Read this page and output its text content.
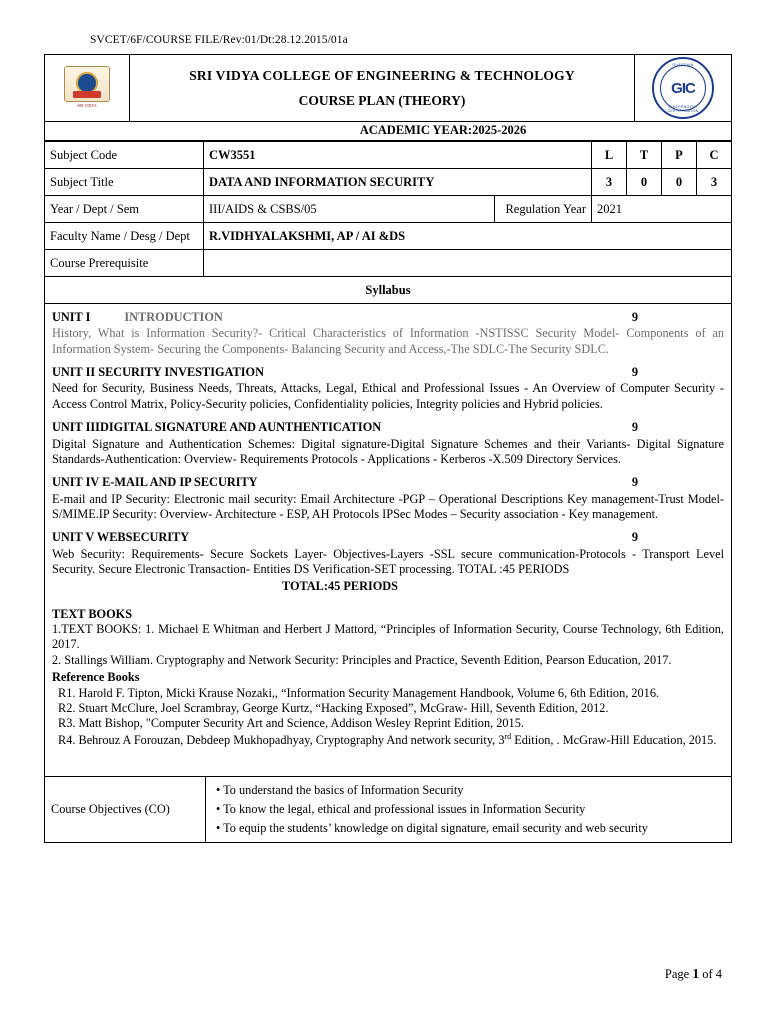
SVCET/6F/COURSE FILE/Rev:01/Dt:28.12.2015/01a
SRI VIDYA
SRI VIDYA COLLEGE OF ENGINEERING & TECHNOLOGY
COURSE PLAN (THEORY)
GUARDIAN
GIC
INDEPENDENT CERTIFICATION
ACADEMIC YEAR:2025-2026
Subject Code	CW3551		L	T	P	C
Subject Title	DATA AND INFORMATION SECURITY		3	0	0	3
Year / Dept / Sem	III/AIDS & CSBS/05	Regulation Year	2021			
Faculty Name / Desg / Dept	R.VIDHYALAKSHMI, AP / AI &DS					
Course Prerequisite						
Syllabus						
UNIT I	INTRODUCTION	9
History, What is Information Security?- Critical Characteristics of Information -NSTISSC Security Model- Components of an Information System- Securing the Components- Balancing Security and Access,-The SDLC-The Security SDLC.
UNIT II SECURITY INVESTIGATION	9
Need for Security, Business Needs, Threats, Attacks, Legal, Ethical and Professional Issues - An Overview of Computer Security - Access Control Matrix, Policy-Security policies, Confidentiality policies, Integrity policies and Hybrid policies.
UNIT IIIDIGITAL SIGNATURE AND AUNTHENTICATION	9
Digital Signature and Authentication Schemes: Digital signature-Digital Signature Schemes and their Variants- Digital Signature Standards-Authentication: Overview- Requirements Protocols - Applications - Kerberos -X.509 Directory Services.
UNIT IV E-MAIL AND IP SECURITY	9
E-mail and IP Security: Electronic mail security: Email Architecture -PGP – Operational Descriptions Key management-Trust Model- S/MIME.IP Security: Overview- Architecture - ESP, AH Protocols IPSec Modes – Security association - Key management.
UNIT V WEBSECURITY	9
Web Security: Requirements- Secure Sockets Layer- Objectives-Layers -SSL secure communication-Protocols - Transport Level Security. Secure Electronic Transaction- Entities DS Verification-SET processing. TOTAL :45 PERIODS
TOTAL:45 PERIODS
TEXT BOOKS
1.TEXT BOOKS: 1. Michael E Whitman and Herbert J Mattord, “Principles of Information Security, Course Technology, 6th Edition, 2017.
2. Stallings William. Cryptography and Network Security: Principles and Practice, Seventh Edition, Pearson Education, 2017.
Reference Books
R1. Harold F. Tipton, Micki Krause Nozaki,, “Information Security Management Handbook, Volume 6, 6th Edition, 2016.
R2. Stuart McClure, Joel Scrambray, George Kurtz, “Hacking Exposed”, McGraw- Hill, Seventh Edition, 2012.
R3. Matt Bishop, "Computer Security Art and Science, Addison Wesley Reprint Edition, 2015.
R4. Behrouz A Forouzan, Debdeep Mukhopadhyay, Cryptography And network security, 3rd Edition, . McGraw-Hill Education, 2015.
Course Objectives (CO)	
• To understand the basics of Information Security
• To know the legal, ethical and professional issues in Information Security
• To equip the students’ knowledge on digital signature, email security and web security
Page 1 of 4
